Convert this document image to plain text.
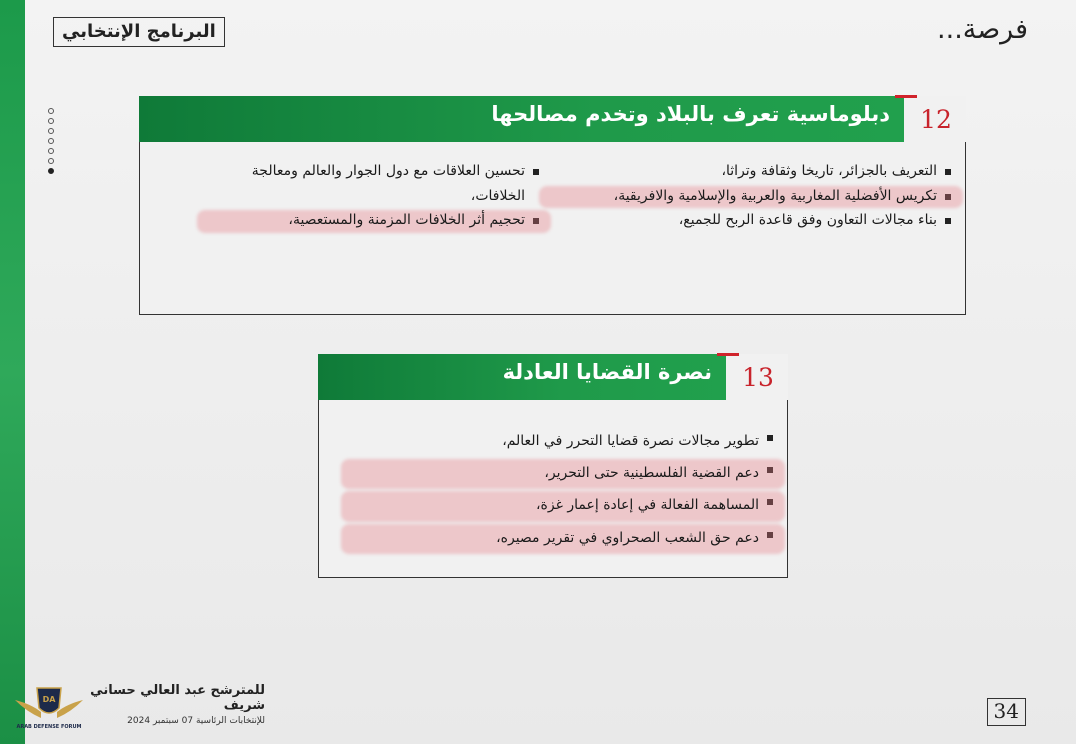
فرصة...
البرنامج الإنتخابي
دبلوماسية تعرف بالبلاد وتخدم مصالحها	12
التعريف بالجزائر، تاريخا وثقافة وتراثا،
تكريس الأفضلية المغاربية والعربية والإسلامية والافريقية،
بناء مجالات التعاون وفق قاعدة الربح للجميع،
تحسين العلاقات مع دول الجوار والعالم ومعالجة
الخلافات،
تحجيم أثر الخلافات المزمنة والمستعصية،
نصرة القضايا العادلة	13
تطوير مجالات نصرة قضايا التحرر في العالم،
دعم القضية الفلسطينية حتى التحرير،
المساهمة الفعالة في إعادة إعمار غزة،
دعم حق الشعب الصحراوي في تقرير مصيره،
للمترشح عبد العالي حساني شريف
للإنتخابات الرئاسية 07 سبتمبر 2024
DA
ARAB DEFENSE FORUM
34
